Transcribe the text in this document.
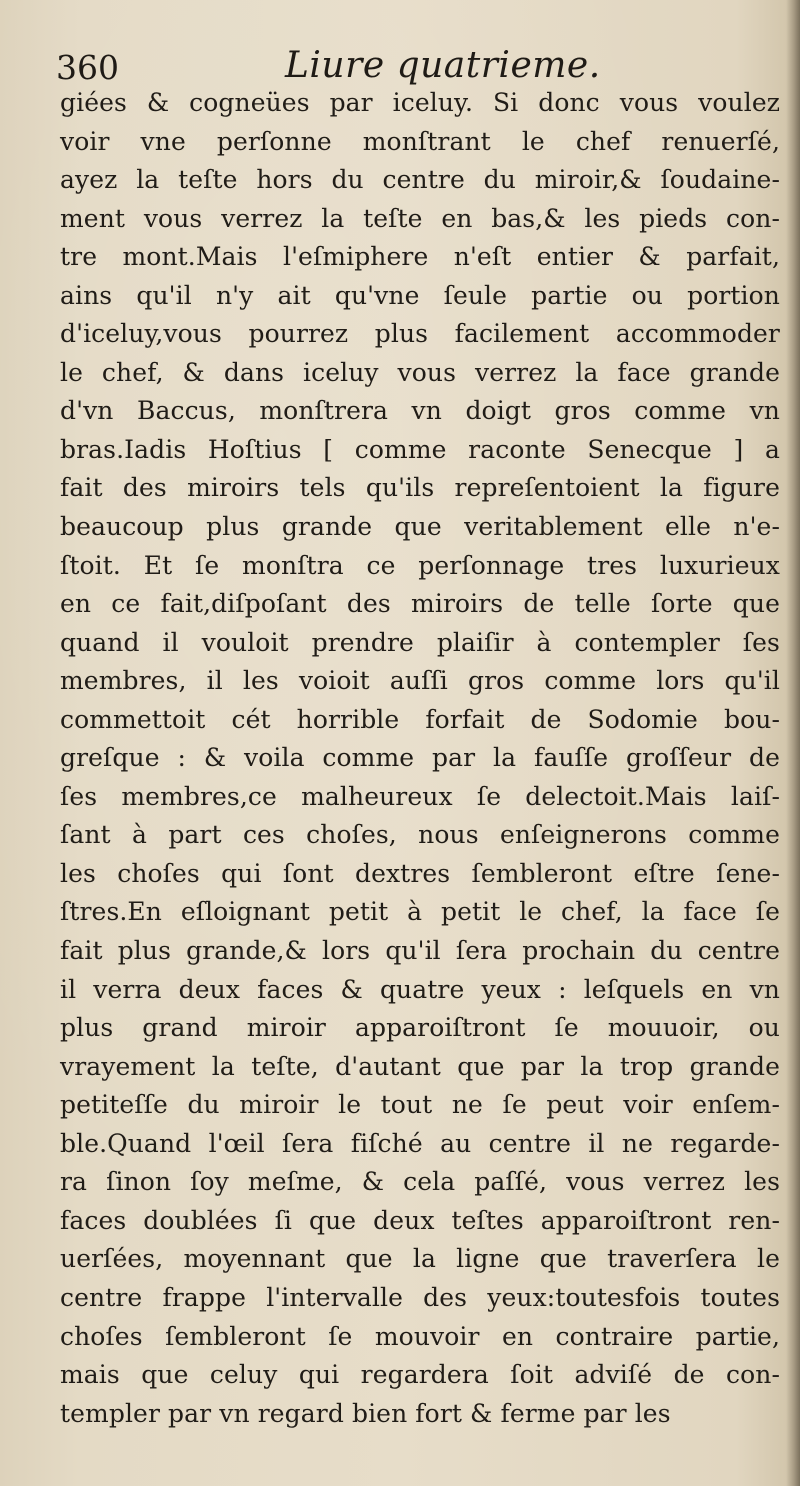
360	Liure quatrieme.
giées & cogneües par iceluy. Si donc vous voulez
voir vne perſonne monſtrant le chef renuerſé,
ayez la teſte hors du centre du miroir,& ſoudaine-
ment vous verrez la teſte en bas,& les pieds con-
tre mont.Mais l'eſmiphere n'eſt entier & parfait,
ains qu'il n'y ait qu'vne ſeule partie ou portion
d'iceluy,vous pourrez plus facilement accommoder
le chef, & dans iceluy vous verrez la face grande
d'vn Baccus, monſtrera vn doigt gros comme vn
bras.Iadis Hoſtius [ comme raconte Senecque ] a
fait des miroirs tels qu'ils repreſentoient la figure
beaucoup plus grande que veritablement elle n'e-
ſtoit. Et ſe monſtra ce perſonnage tres luxurieux
en ce fait,diſpoſant des miroirs de telle ſorte que
quand il vouloit prendre plaiſir à contempler ſes
membres, il les voioit auſſi gros comme lors qu'il
commettoit cét horrible forfait de Sodomie bou-
greſque : & voila comme par la fauſſe groſſeur de
ſes membres,ce malheureux ſe delectoit.Mais laiſ-
ſant à part ces choſes, nous enſeignerons comme
les choſes qui ſont dextres ſembleront eſtre ſene-
ſtres.En eſloignant petit à petit le chef, la face ſe
fait plus grande,& lors qu'il ſera prochain du centre
il verra deux faces & quatre yeux : leſquels en vn
plus grand miroir apparoiſtront ſe mouuoir, ou
vrayement la teſte, d'autant que par la trop grande
petiteſſe du miroir le tout ne ſe peut voir enſem-
ble.Quand l'œil ſera fiſché au centre il ne regarde-
ra ſinon ſoy meſme, & cela paſſé, vous verrez les
faces doublées ſi que deux teſtes apparoiſtront ren-
uerſées, moyennant que la ligne que traverſera le
centre frappe l'intervalle des yeux:toutesfois toutes
choſes ſembleront ſe mouvoir en contraire partie,
mais que celuy qui regardera ſoit adviſé de con-
templer par vn regard bien fort & ferme par les
